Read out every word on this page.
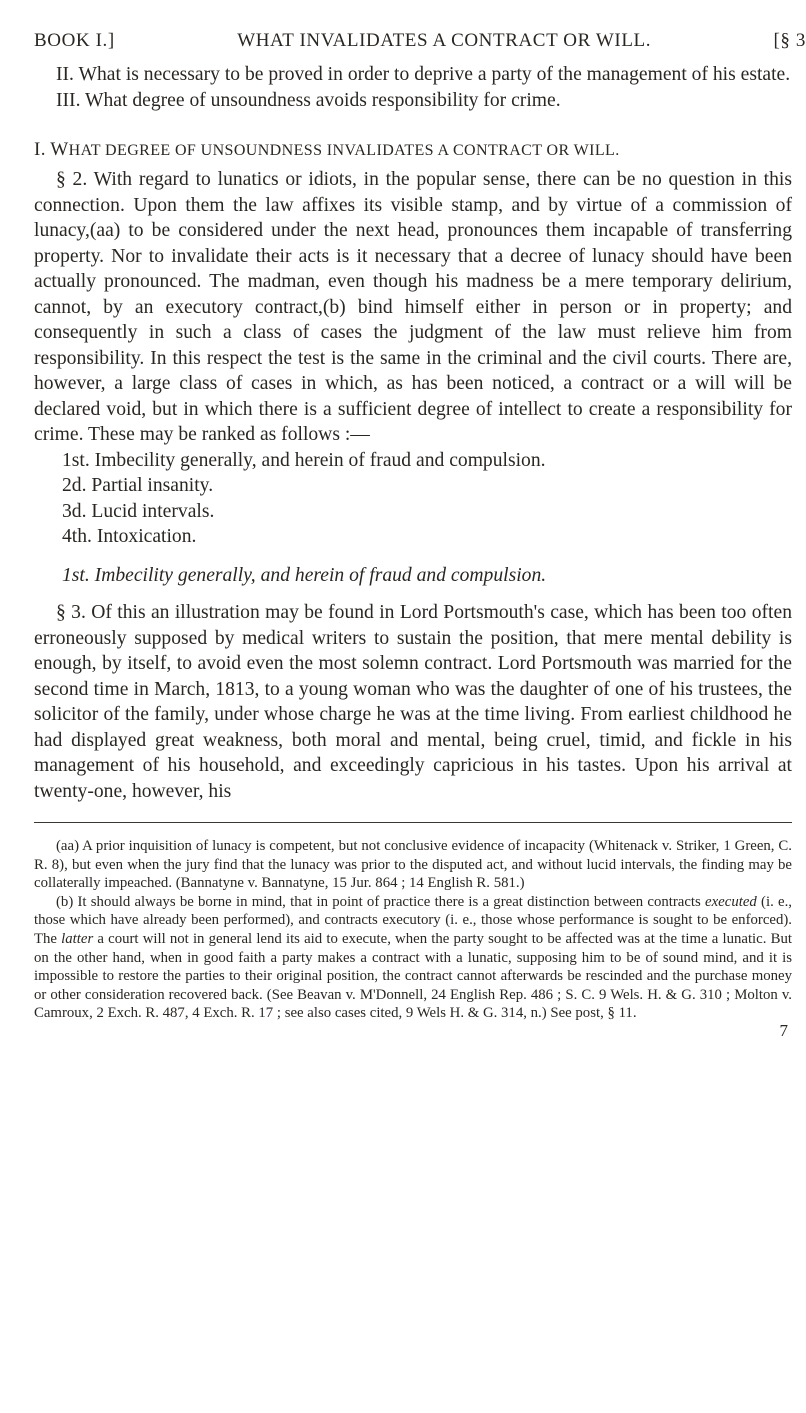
BOOK I.]	WHAT INVALIDATES A CONTRACT OR WILL.	[§ 3

II. What is necessary to be proved in order to deprive a party of the management of his estate.

III. What degree of unsoundness avoids responsibility for crime.

I. WHAT DEGREE OF UNSOUNDNESS INVALIDATES A CONTRACT OR WILL.

§ 2. With regard to lunatics or idiots, in the popular sense, there can be no question in this connection. Upon them the law affixes its visible stamp, and by virtue of a commission of lunacy,(aa) to be considered under the next head, pronounces them incapable of transferring property. Nor to invalidate their acts is it necessary that a decree of lunacy should have been actually pronounced. The madman, even though his madness be a mere temporary delirium, cannot, by an executory contract,(b) bind himself either in person or in property; and consequently in such a class of cases the judgment of the law must relieve him from responsibility. In this respect the test is the same in the criminal and the civil courts. There are, however, a large class of cases in which, as has been noticed, a contract or a will will be declared void, but in which there is a sufficient degree of intellect to create a responsibility for crime. These may be ranked as follows :—

1st. Imbecility generally, and herein of fraud and compulsion.
2d. Partial insanity.
3d. Lucid intervals.
4th. Intoxication.
1st. Imbecility generally, and herein of fraud and compulsion.

§ 3. Of this an illustration may be found in Lord Portsmouth's case, which has been too often erroneously supposed by medical writers to sustain the position, that mere mental debility is enough, by itself, to avoid even the most solemn contract. Lord Portsmouth was married for the second time in March, 1813, to a young woman who was the daughter of one of his trustees, the solicitor of the family, under whose charge he was at the time living. From earliest childhood he had displayed great weakness, both moral and mental, being cruel, timid, and fickle in his management of his household, and exceedingly capricious in his tastes. Upon his arrival at twenty-one, however, his

(aa) A prior inquisition of lunacy is competent, but not conclusive evidence of incapacity (Whitenack v. Striker, 1 Green, C. R. 8), but even when the jury find that the lunacy was prior to the disputed act, and without lucid intervals, the finding may be collaterally impeached. (Bannatyne v. Bannatyne, 15 Jur. 864 ; 14 English R. 581.)

(b) It should always be borne in mind, that in point of practice there is a great distinction between contracts executed (i. e., those which have already been performed), and contracts executory (i. e., those whose performance is sought to be enforced). The latter a court will not in general lend its aid to execute, when the party sought to be affected was at the time a lunatic. But on the other hand, when in good faith a party makes a contract with a lunatic, supposing him to be of sound mind, and it is impossible to restore the parties to their original position, the contract cannot afterwards be rescinded and the purchase money or other consideration recovered back. (See Beavan v. M'Donnell, 24 English Rep. 486 ; S. C. 9 Wels. H. & G. 310 ; Molton v. Camroux, 2 Exch. R. 487, 4 Exch. R. 17 ; see also cases cited, 9 Wels H. & G. 314, n.) See post, § 11.

7
